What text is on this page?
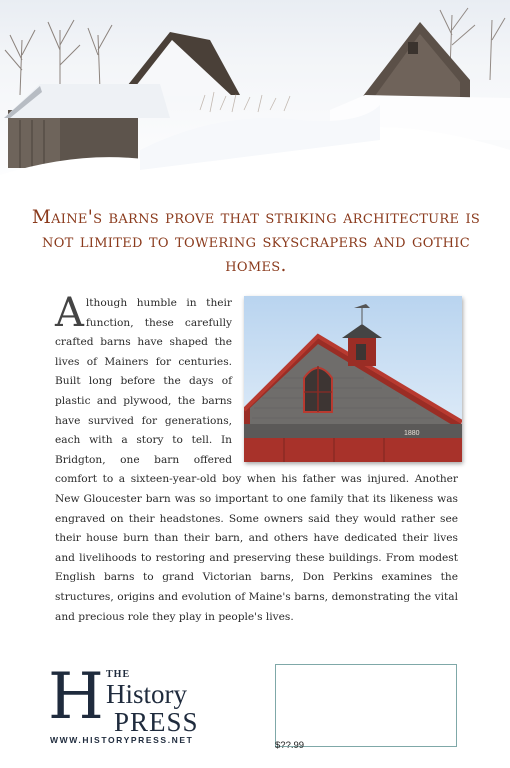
Maine's barns prove that striking architecture is not limited to towering skyscrapers and gothic homes.
1880
A lthough humble in their function, these carefully crafted barns have shaped the lives of Mainers for centuries. Built long before the days of plastic and plywood, the barns have survived for generations, each with a story to tell. In Bridgton, one barn offered comfort to a sixteen-year-old boy when his father was injured. Another New Gloucester barn was so important to one family that its likeness was engraved on their headstones. Some owners said they would rather see their house burn than their barn, and others have dedicated their lives and livelihoods to restoring and preserving these buildings. From modest English barns to grand Victorian barns, Don Perkins examines the structures, origins and evolution of Maine's barns, demonstrating the vital and precious role they play in people's lives.
H THE
History
PRESS
WWW.HISTORYPRESS.NET	$??.99
